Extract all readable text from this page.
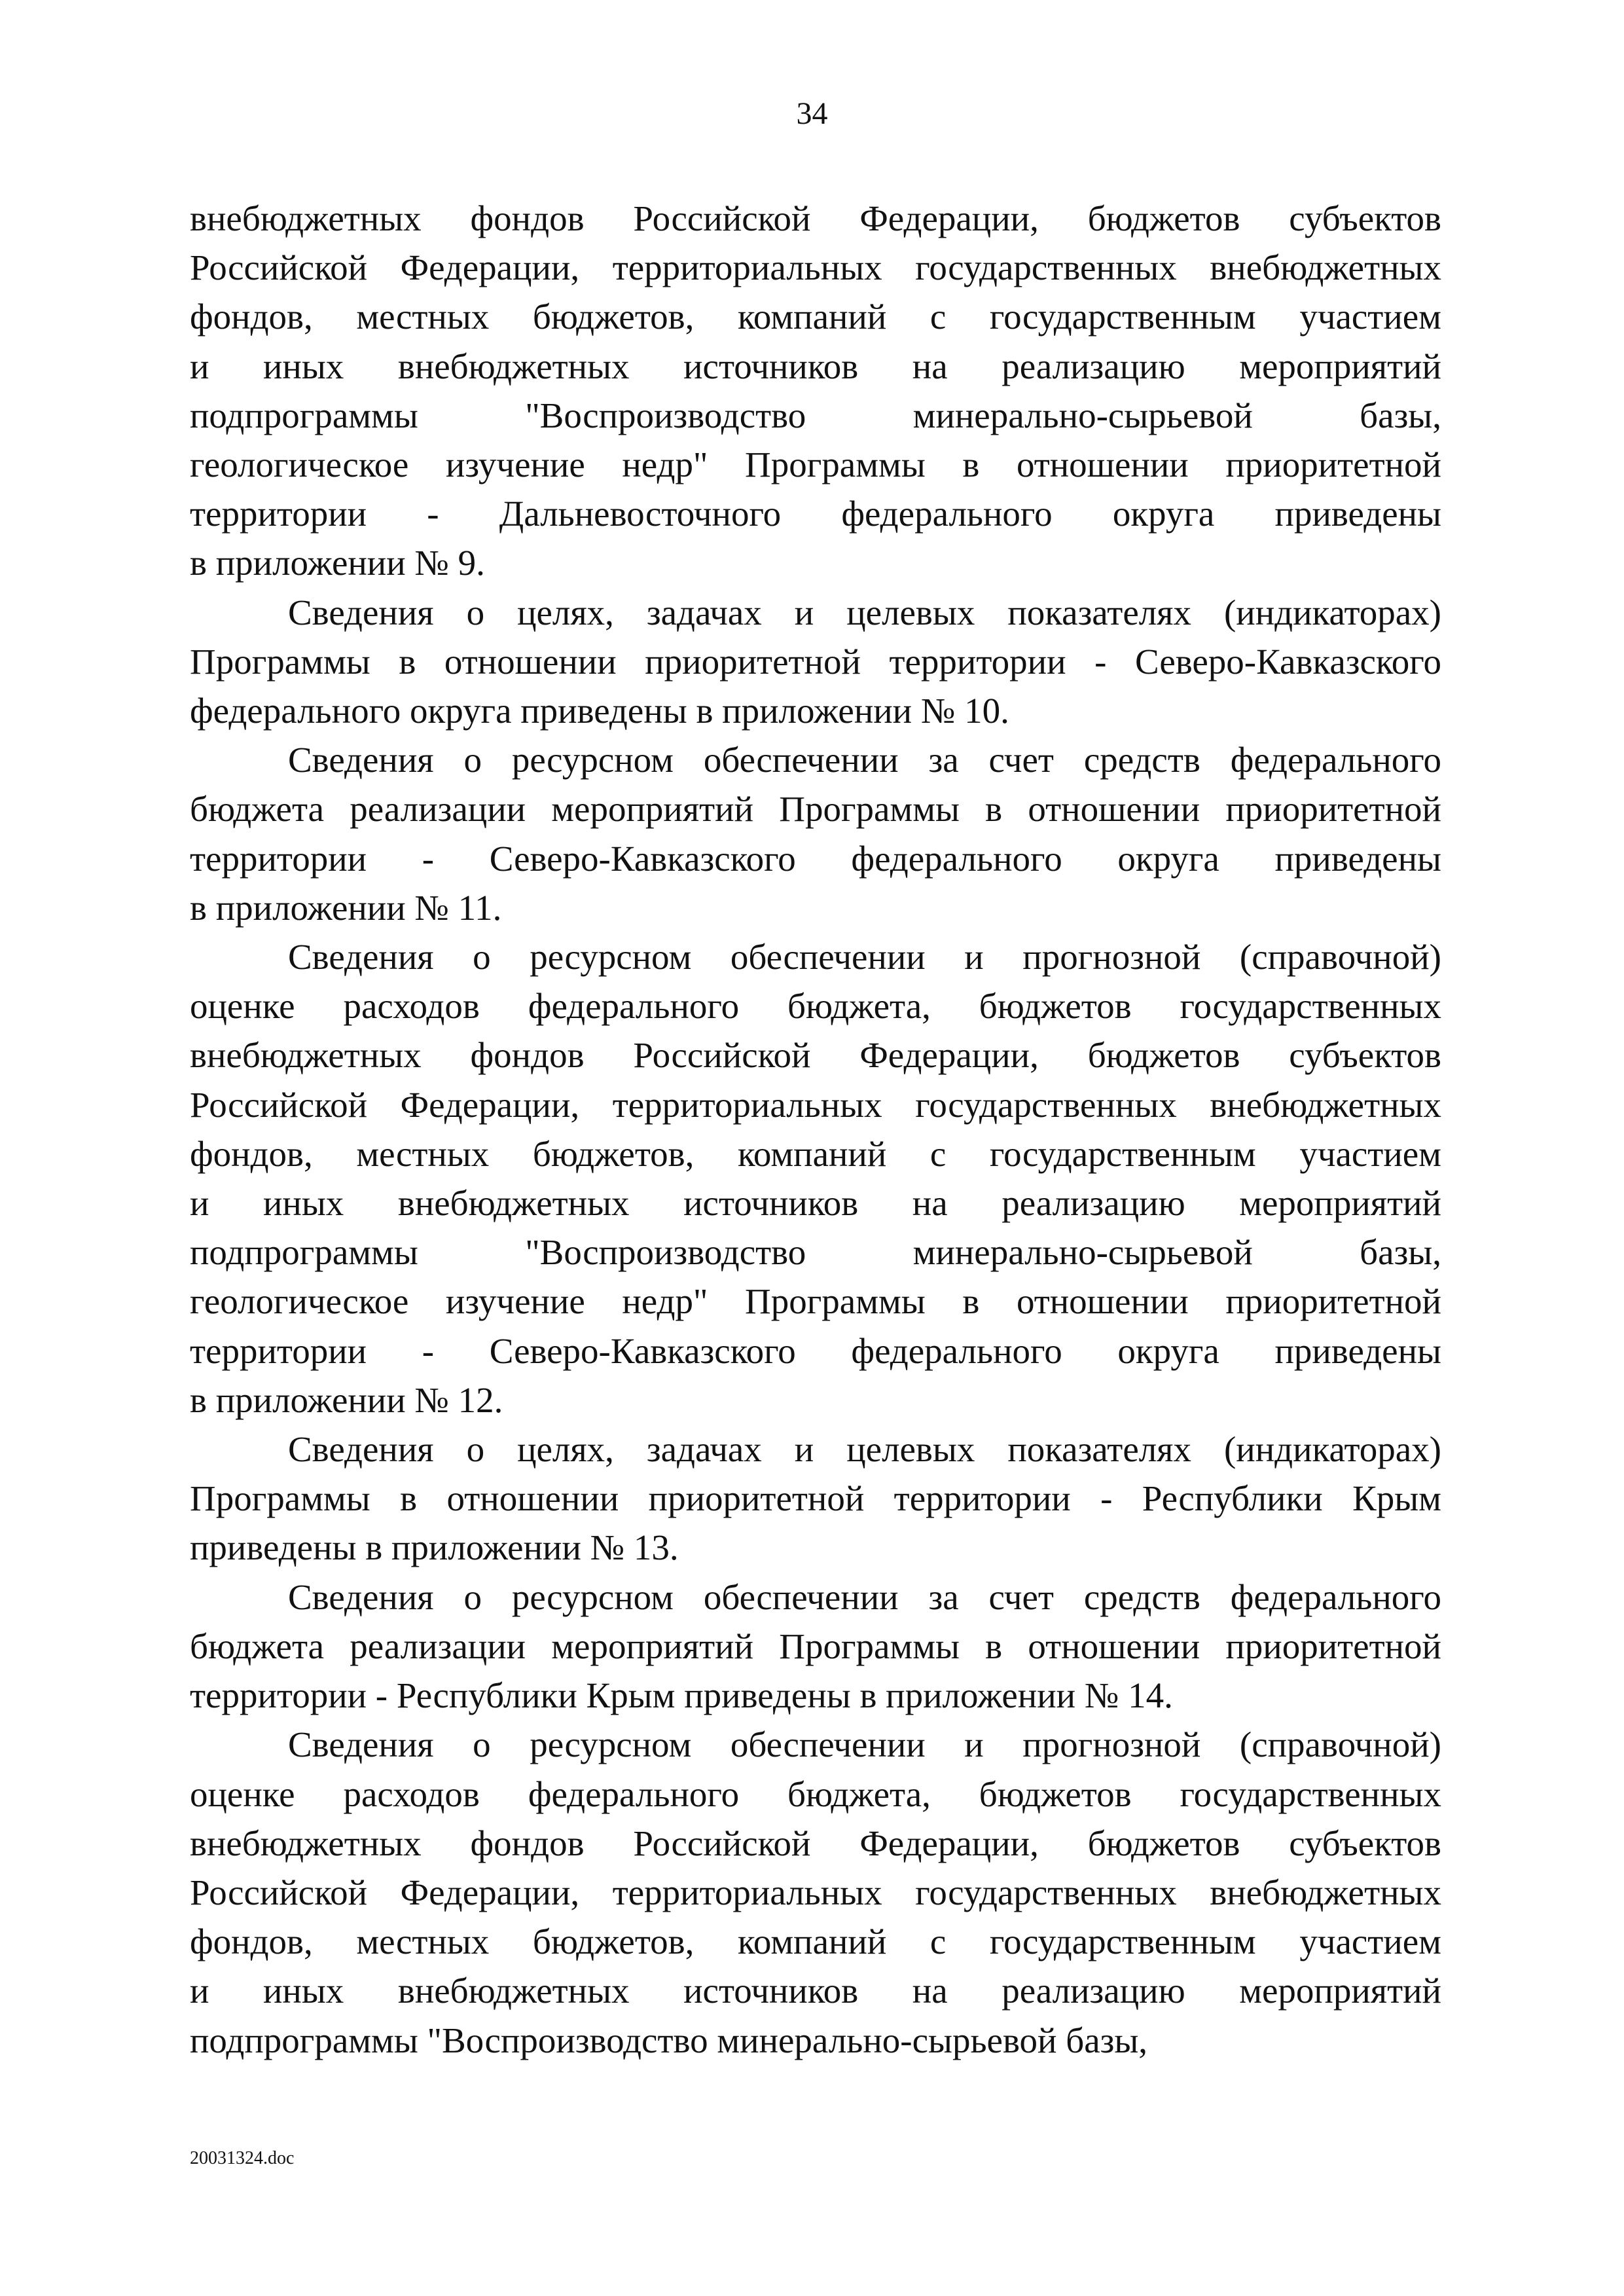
34

внебюджетных фондов Российской Федерации, бюджетов субъектов
Российской Федерации, территориальных государственных внебюджетных
фондов, местных бюджетов, компаний с государственным участием
и иных внебюджетных источников на реализацию мероприятий
подпрограммы "Воспроизводство минерально-сырьевой базы,
геологическое изучение недр" Программы в отношении приоритетной
территории - Дальневосточного федерального округа приведены
в приложении № 9.

Сведения о целях, задачах и целевых показателях (индикаторах)
Программы в отношении приоритетной территории - Северо-Кавказского
федерального округа приведены в приложении № 10.

Сведения о ресурсном обеспечении за счет средств федерального
бюджета реализации мероприятий Программы в отношении приоритетной
территории - Северо-Кавказского федерального округа приведены
в приложении № 11.

Сведения о ресурсном обеспечении и прогнозной (справочной)
оценке расходов федерального бюджета, бюджетов государственных
внебюджетных фондов Российской Федерации, бюджетов субъектов
Российской Федерации, территориальных государственных внебюджетных
фондов, местных бюджетов, компаний с государственным участием
и иных внебюджетных источников на реализацию мероприятий
подпрограммы "Воспроизводство минерально-сырьевой базы,
геологическое изучение недр" Программы в отношении приоритетной
территории - Северо-Кавказского федерального округа приведены
в приложении № 12.

Сведения о целях, задачах и целевых показателях (индикаторах)
Программы в отношении приоритетной территории - Республики Крым
приведены в приложении № 13.

Сведения о ресурсном обеспечении за счет средств федерального
бюджета реализации мероприятий Программы в отношении приоритетной
территории - Республики Крым приведены в приложении № 14.

Сведения о ресурсном обеспечении и прогнозной (справочной)
оценке расходов федерального бюджета, бюджетов государственных
внебюджетных фондов Российской Федерации, бюджетов субъектов
Российской Федерации, территориальных государственных внебюджетных
фондов, местных бюджетов, компаний с государственным участием
и иных внебюджетных источников на реализацию мероприятий
подпрограммы "Воспроизводство минерально-сырьевой базы,

20031324.doc
